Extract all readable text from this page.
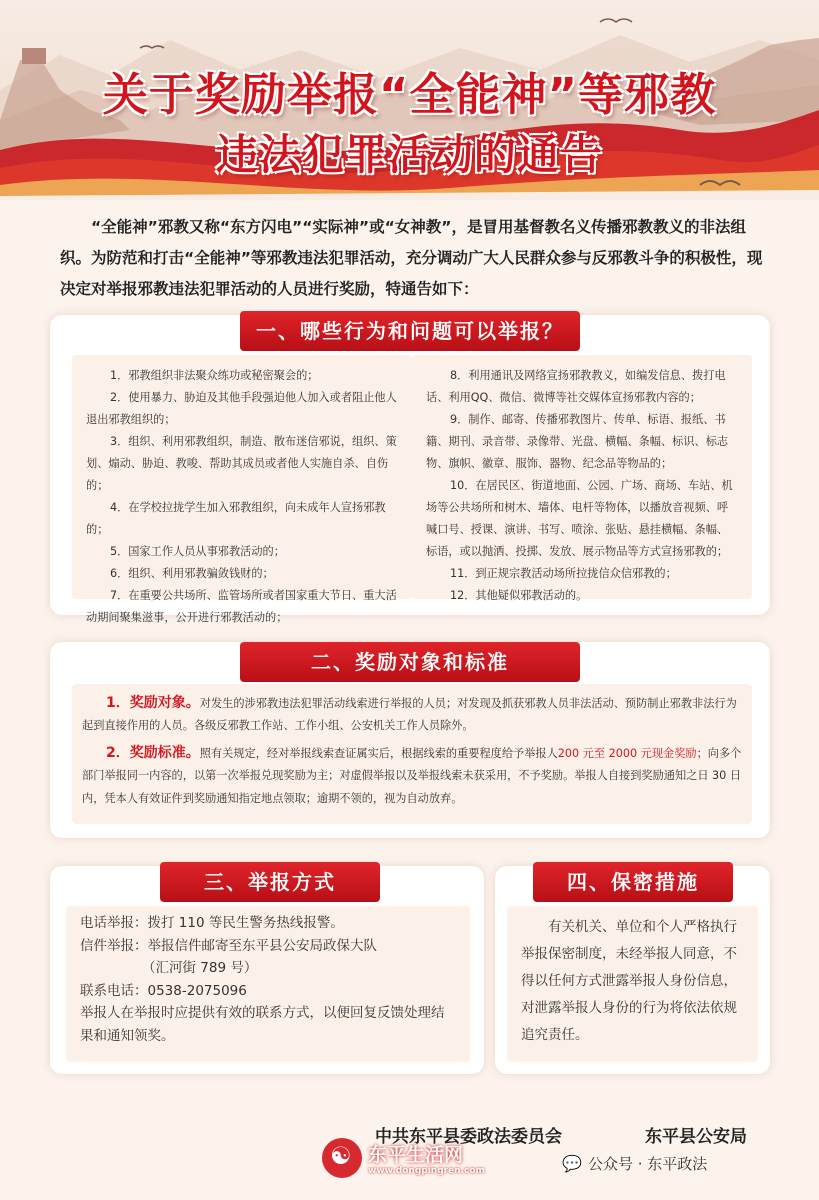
关于奖励举报“全能神”等邪教
违法犯罪活动的通告
“全能神”邪教又称“东方闪电”“实际神”或“女神教”，是冒用基督教名义传播邪教教义的非法组织。为防范和打击“全能神”等邪教违法犯罪活动，充分调动广大人民群众参与反邪教斗争的积极性，现决定对举报邪教违法犯罪活动的人员进行奖励，特通告如下：
一、哪些行为和问题可以举报？

1．邪教组织非法聚众练功或秘密聚会的；

2．使用暴力、胁迫及其他手段强迫他人加入或者阻止他人退出邪教组织的；

3．组织、利用邪教组织，制造、散布迷信邪说，组织、策划、煽动、胁迫、教唆、帮助其成员或者他人实施自杀、自伤的；

4．在学校拉拢学生加入邪教组织，向未成年人宣扬邪教的；

5．国家工作人员从事邪教活动的；

6．组织、利用邪教骗敛钱财的；

7．在重要公共场所、监管场所或者国家重大节日、重大活动期间聚集滋事，公开进行邪教活动的；

8．利用通讯及网络宣扬邪教教义，如编发信息、拨打电话、利用QQ、微信、微博等社交媒体宣扬邪教内容的；

9．制作、邮寄、传播邪教图片、传单、标语、报纸、书籍、期刊、录音带、录像带、光盘、横幅、条幅、标识、标志物、旗帜、徽章、服饰、器物、纪念品等物品的；

10．在居民区、街道地面、公园、广场、商场、车站、机场等公共场所和树木、墙体、电杆等物体，以播放音视频、呼喊口号、授课、演讲、书写、喷涂、张贴、悬挂横幅、条幅、标语，或以抛洒、投掷、发放、展示物品等方式宣扬邪教的；

11．到正规宗教活动场所拉拢信众信邪教的；

12．其他疑似邪教活动的。

二、奖励对象和标准
1．奖励对象。对发生的涉邪教违法犯罪活动线索进行举报的人员；对发现及抓获邪教人员非法活动、预防制止邪教非法行为起到直接作用的人员。各级反邪教工作站、工作小组、公安机关工作人员除外。
2．奖励标准。照有关规定，经对举报线索查证属实后，根据线索的重要程度给予举报人200 元至 2000 元现金奖励；向多个部门举报同一内容的，以第一次举报兑现奖励为主；对虚假举报以及举报线索未获采用，不予奖励。举报人自接到奖励通知之日 30 日内，凭本人有效证件到奖励通知指定地点领取；逾期不领的，视为自动放弃。
三、举报方式
电话举报：拨打 110 等民生警务热线报警。
信件举报：举报信件邮寄至东平县公安局政保大队
（汇河街 789 号）
联系电话：0538-2075096
举报人在举报时应提供有效的联系方式，以便回复反馈处理结果和通知领奖。
四、保密措施

有关机关、单位和个人严格执行举报保密制度，未经举报人同意，不得以任何方式泄露举报人身份信息，对泄露举报人身份的行为将依法依规追究责任。

中共东平县委政法委员会	东平县公安局
☯ 东平生活网
www.dongpingren.com	💬 公众号 · 东平政法
